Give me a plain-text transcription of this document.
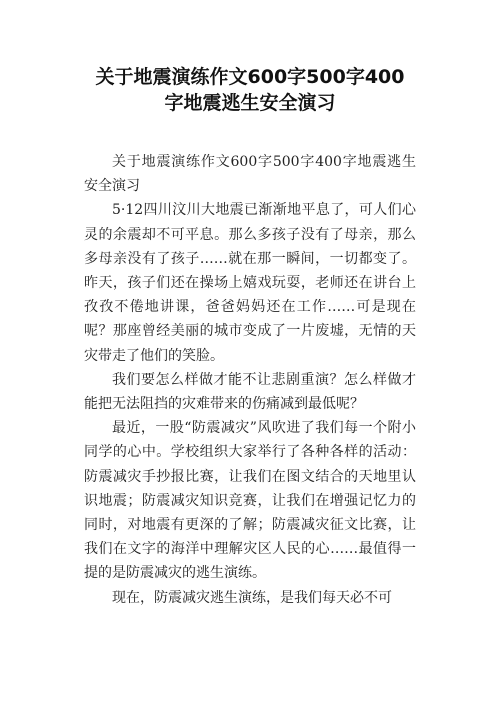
关于地震演练作文600字500字400
字地震逃生安全演习

关于地震演练作文600字500字400字地震逃生安全演习

5·12四川汶川大地震已渐渐地平息了，可人们心灵的余震却不可平息。那么多孩子没有了母亲，那么多母亲没有了孩子……就在那一瞬间，一切都变了。昨天，孩子们还在操场上嬉戏玩耍，老师还在讲台上孜孜不倦地讲课，爸爸妈妈还在工作……可是现在呢？那座曾经美丽的城市变成了一片废墟，无情的天灾带走了他们的笑脸。

我们要怎么样做才能不让悲剧重演？怎么样做才能把无法阻挡的灾难带来的伤痛减到最低呢？

最近，一股“防震减灾”风吹进了我们每一个附小同学的心中。学校组织大家举行了各种各样的活动：防震减灾手抄报比赛，让我们在图文结合的天地里认识地震；防震减灾知识竞赛，让我们在增强记忆力的同时，对地震有更深的了解；防震减灾征文比赛，让我们在文字的海洋中理解灾区人民的心……最值得一提的是防震减灾的逃生演练。

现在，防震减灾逃生演练，是我们每天必不可
